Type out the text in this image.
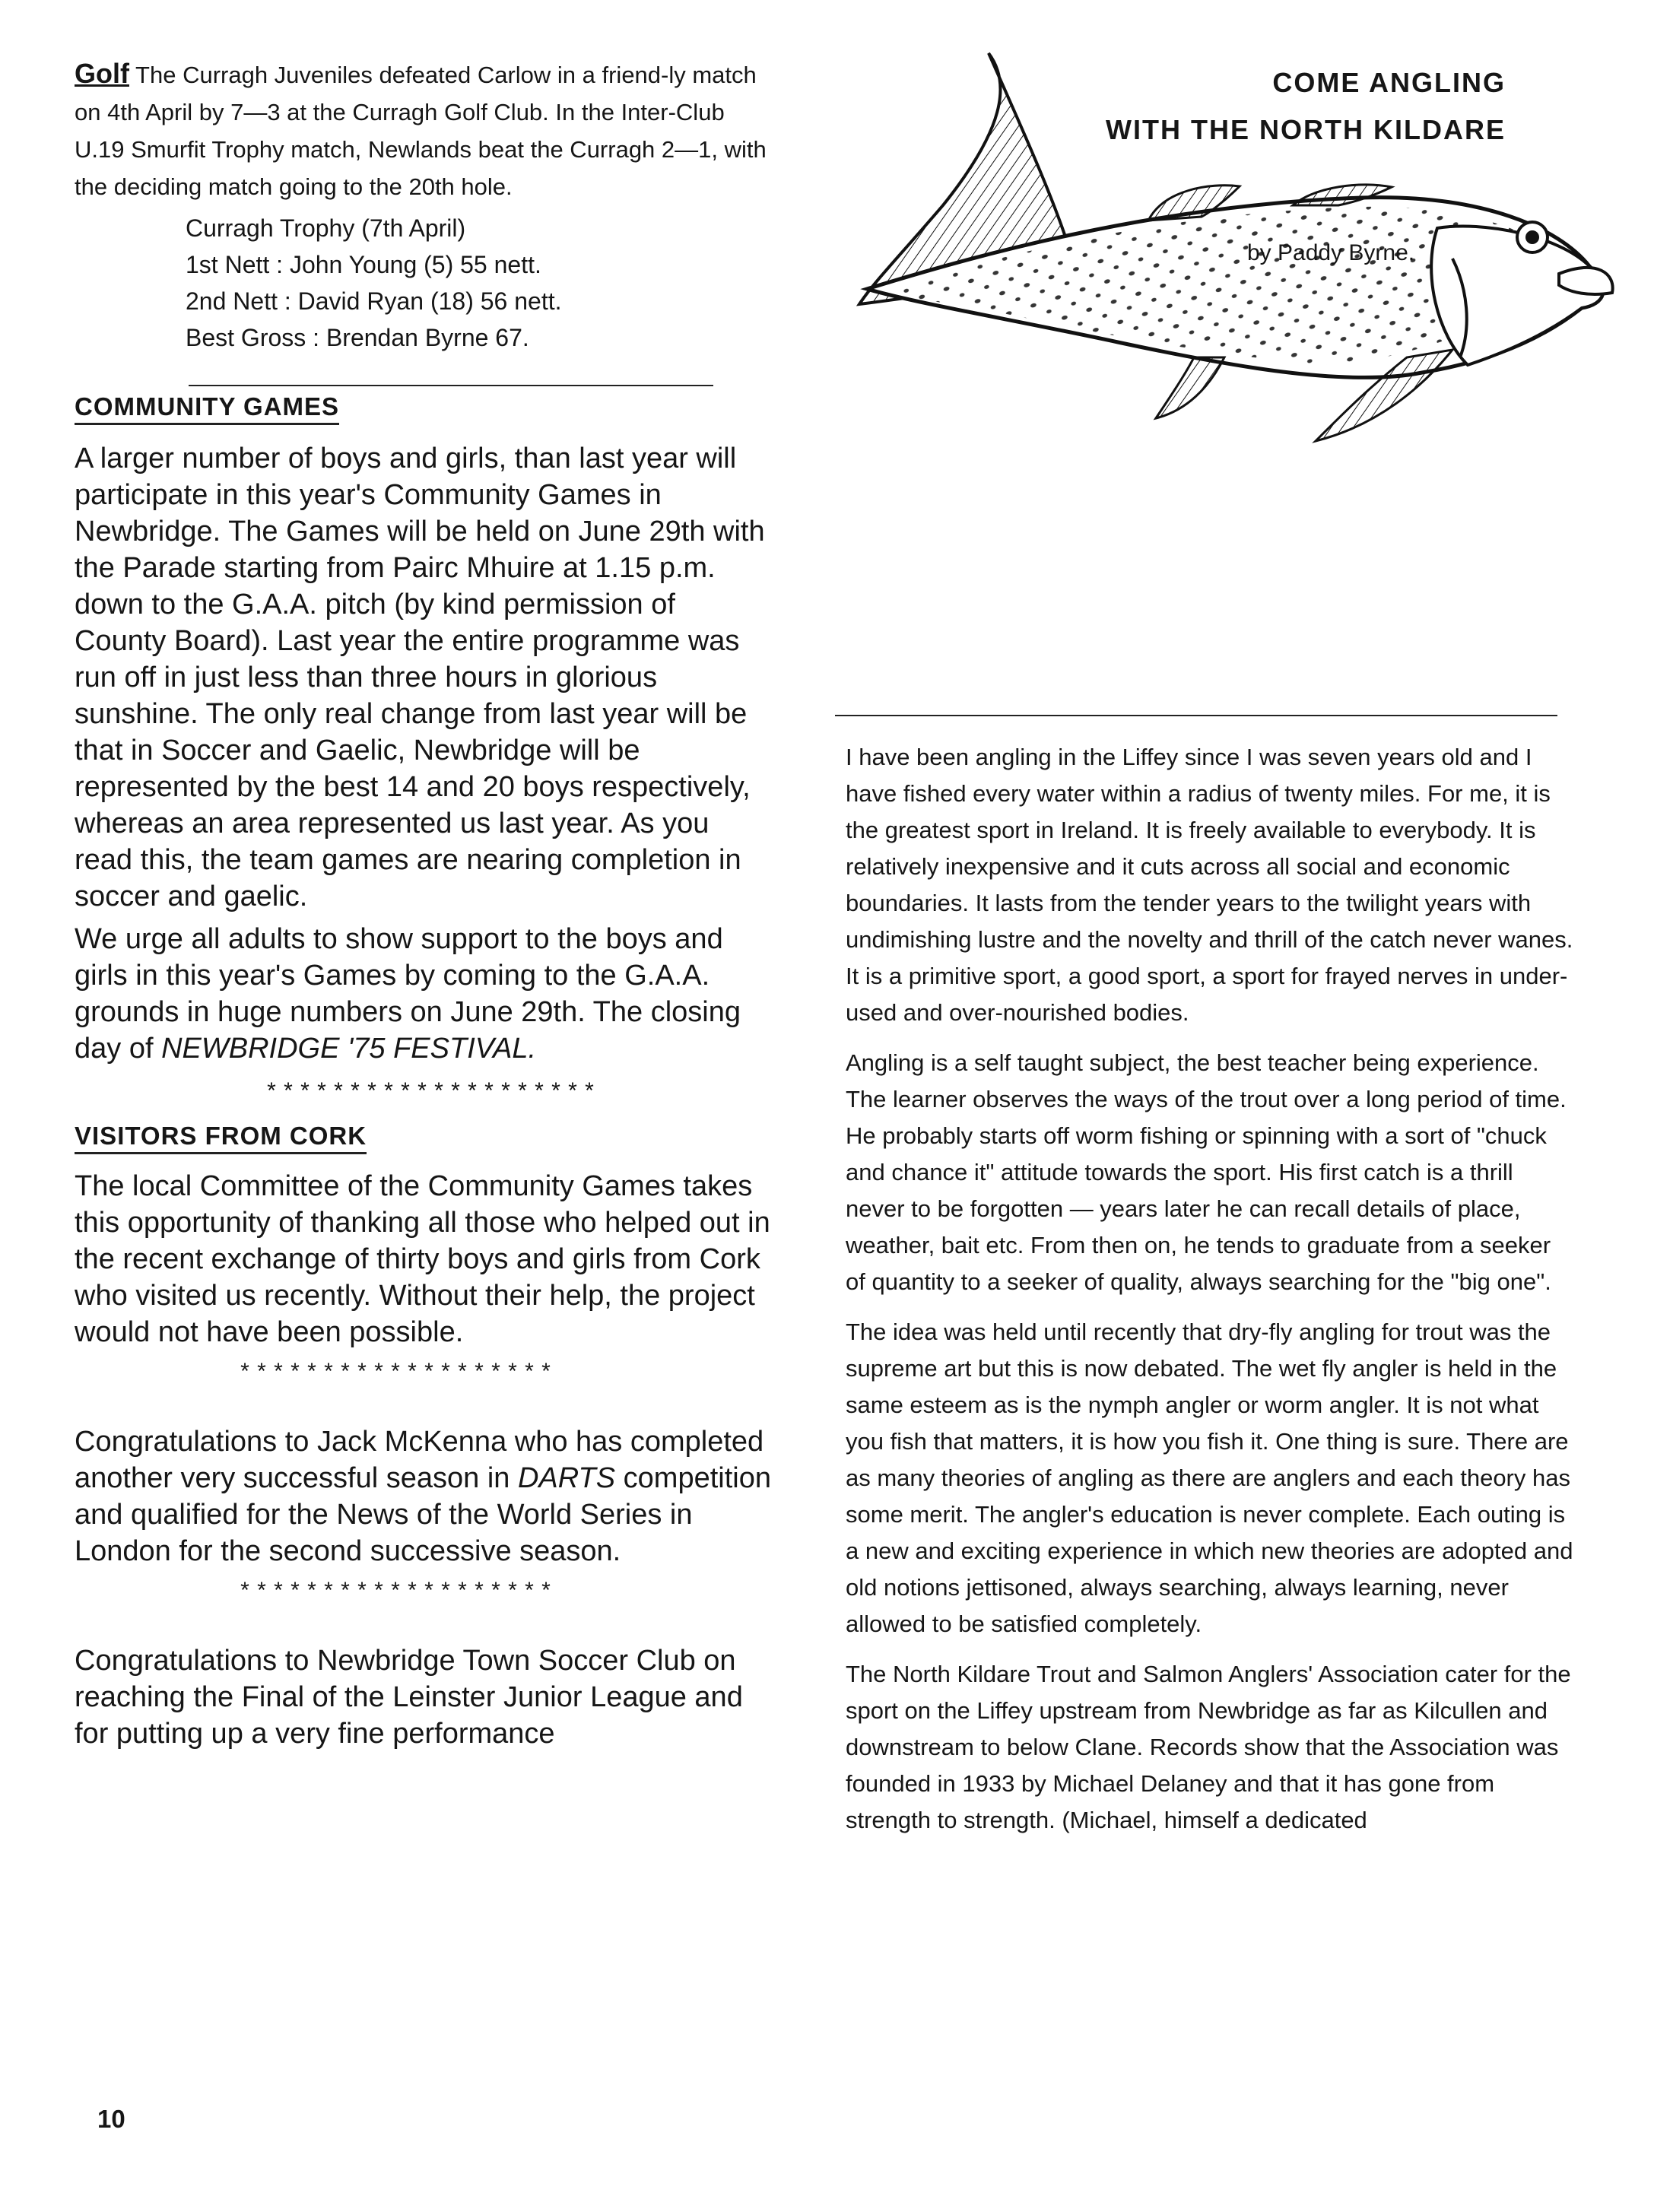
Golf The Curragh Juveniles defeated Carlow in a friend-ly match on 4th April by 7—3 at the Curragh Golf Club. In the Inter-Club U.19 Smurfit Trophy match, Newlands beat the Curragh 2—1, with the deciding match going to the 20th hole.

Curragh Trophy (7th April)
1st Nett : John Young (5) 55 nett.
2nd Nett : David Ryan (18) 56 nett.
Best Gross : Brendan Byrne 67.
COMMUNITY GAMES

A larger number of boys and girls, than last year will participate in this year's Community Games in Newbridge. The Games will be held on June 29th with the Parade starting from Pairc Mhuire at 1.15 p.m. down to the G.A.A. pitch (by kind permission of County Board). Last year the entire programme was run off in just less than three hours in glorious sunshine. The only real change from last year will be that in Soccer and Gaelic, Newbridge will be represented by the best 14 and 20 boys respectively, whereas an area represented us last year. As you read this, the team games are nearing completion in soccer and gaelic.

We urge all adults to show support to the boys and girls in this year's Games by coming to the G.A.A. grounds in huge numbers on June 29th. The closing day of NEWBRIDGE '75 FESTIVAL.

********************
VISITORS FROM CORK

The local Committee of the Community Games takes this opportunity of thanking all those who helped out in the recent exchange of thirty boys and girls from Cork who visited us recently. Without their help, the project would not have been possible.

*******************

Congratulations to Jack McKenna who has completed another very successful season in DARTS competition and qualified for the News of the World Series in London for the second successive season.

*******************

Congratulations to Newbridge Town Soccer Club on reaching the Final of the Leinster Junior League and for putting up a very fine performance

COME ANGLING
WITH THE NORTH KILDARE
by Paddy Byrne.

I have been angling in the Liffey since I was seven years old and I have fished every water within a radius of twenty miles. For me, it is the greatest sport in Ireland. It is freely available to everybody. It is relatively inexpensive and it cuts across all social and economic boundaries. It lasts from the tender years to the twilight years with undimishing lustre and the novelty and thrill of the catch never wanes. It is a primitive sport, a good sport, a sport for frayed nerves in under-used and over-nourished bodies.

Angling is a self taught subject, the best teacher being experience. The learner observes the ways of the trout over a long period of time. He probably starts off worm fishing or spinning with a sort of "chuck and chance it" attitude towards the sport. His first catch is a thrill never to be forgotten — years later he can recall details of place, weather, bait etc. From then on, he tends to graduate from a seeker of quantity to a seeker of quality, always searching for the "big one".

The idea was held until recently that dry-fly angling for trout was the supreme art but this is now debated. The wet fly angler is held in the same esteem as is the nymph angler or worm angler. It is not what you fish that matters, it is how you fish it. One thing is sure. There are as many theories of angling as there are anglers and each theory has some merit. The angler's education is never complete. Each outing is a new and exciting experience in which new theories are adopted and old notions jettisoned, always searching, always learning, never allowed to be satisfied completely.

The North Kildare Trout and Salmon Anglers' Association cater for the sport on the Liffey upstream from Newbridge as far as Kilcullen and downstream to below Clane. Records show that the Association was founded in 1933 by Michael Delaney and that it has gone from strength to strength. (Michael, himself a dedicated

10
